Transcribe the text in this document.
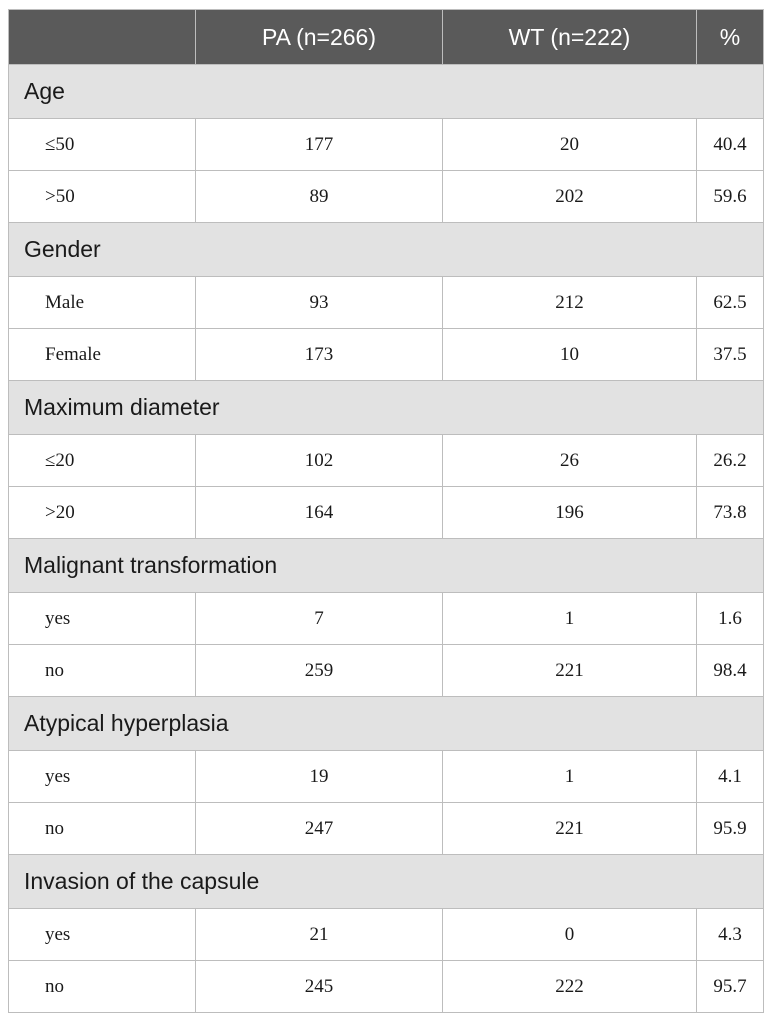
	PA (n=266)	WT (n=222)	%
Age			
≤50	177	20	40.4
>50	89	202	59.6
Gender			
Male	93	212	62.5
Female	173	10	37.5
Maximum diameter			
≤20	102	26	26.2
>20	164	196	73.8
Malignant transformation			
yes	7	1	1.6
no	259	221	98.4
Atypical hyperplasia			
yes	19	1	4.1
no	247	221	95.9
Invasion of the capsule			
yes	21	0	4.3
no	245	222	95.7
